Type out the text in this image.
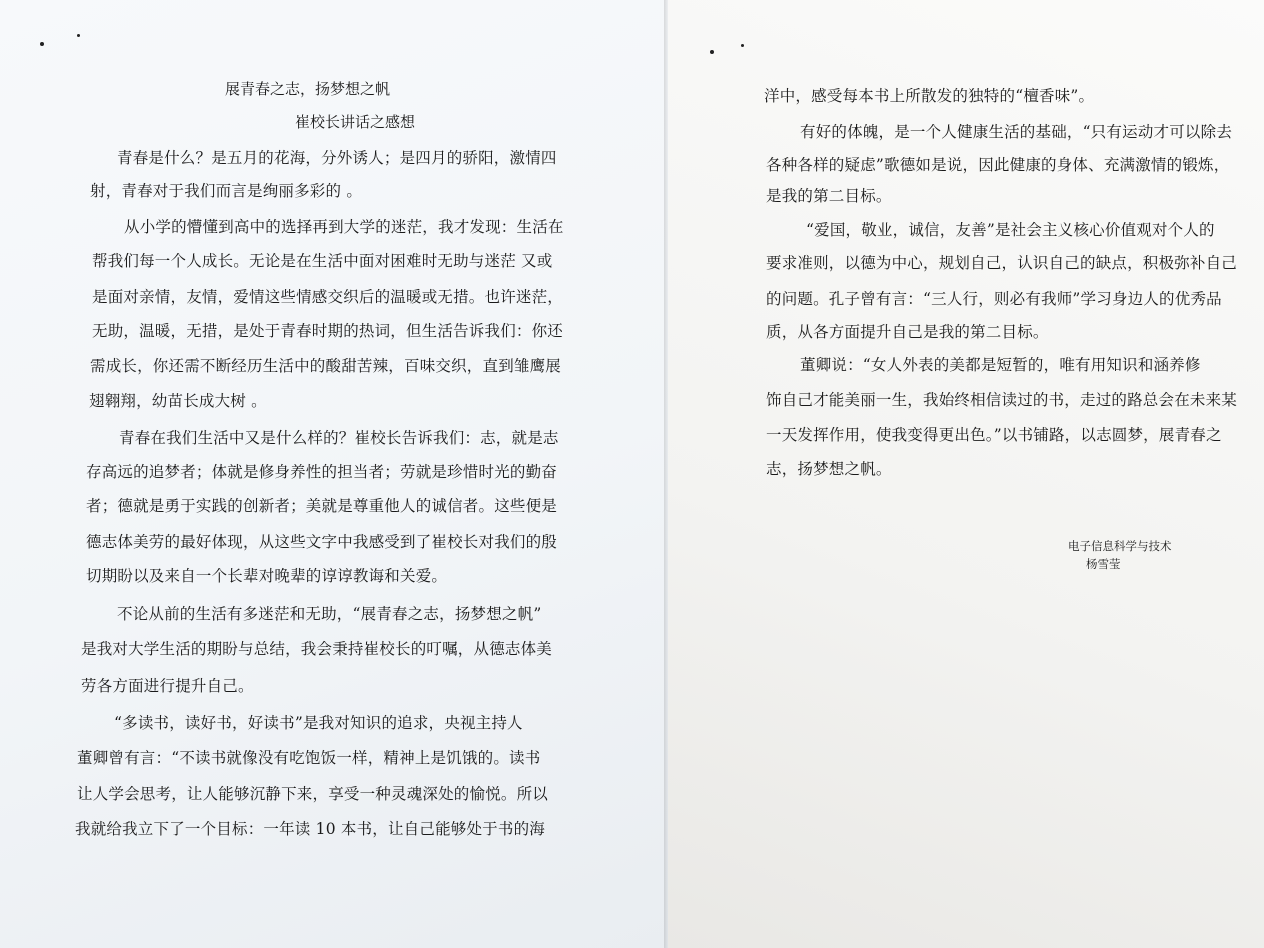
展青春之志，扬梦想之帆
崔校长讲话之感想
青春是什么？是五月的花海，分外诱人；是四月的骄阳，激情四
射，青春对于我们而言是绚丽多彩的 。
从小学的懵懂到高中的选择再到大学的迷茫，我才发现：生活在
帮我们每一个人成长。无论是在生活中面对困难时无助与迷茫 又或
是面对亲情，友情，爱情这些情感交织后的温暖或无措。也许迷茫，
无助，温暖，无措，是处于青春时期的热词，但生活告诉我们：你还
需成长，你还需不断经历生活中的酸甜苦辣，百味交织，直到雏鹰展
翅翱翔，幼苗长成大树 。
青春在我们生活中又是什么样的？崔校长告诉我们：志，就是志
存高远的追梦者；体就是修身养性的担当者；劳就是珍惜时光的勤奋
者；德就是勇于实践的创新者；美就是尊重他人的诚信者。这些便是
德志体美劳的最好体现，从这些文字中我感受到了崔校长对我们的殷
切期盼以及来自一个长辈对晚辈的谆谆教诲和关爱。
不论从前的生活有多迷茫和无助，“展青春之志，扬梦想之帆”
是我对大学生活的期盼与总结，我会秉持崔校长的叮嘱，从德志体美
劳各方面进行提升自己。
“多读书，读好书，好读书”是我对知识的追求，央视主持人
董卿曾有言：“不读书就像没有吃饱饭一样，精神上是饥饿的。读书
让人学会思考，让人能够沉静下来，享受一种灵魂深处的愉悦。所以
我就给我立下了一个目标：一年读 10 本书，让自己能够处于书的海
洋中，感受每本书上所散发的独特的“檀香味”。
有好的体魄，是一个人健康生活的基础，“只有运动才可以除去
各种各样的疑虑”歌德如是说，因此健康的身体、充满激情的锻炼，
是我的第二目标。
“爱国，敬业，诚信，友善”是社会主义核心价值观对个人的
要求准则，以德为中心，规划自己，认识自己的缺点，积极弥补自己
的问题。孔子曾有言：“三人行，则必有我师”学习身边人的优秀品
质，从各方面提升自己是我的第二目标。
董卿说：“女人外表的美都是短暂的，唯有用知识和涵养修
饰自己才能美丽一生，我始终相信读过的书，走过的路总会在未来某
一天发挥作用，使我变得更出色。”以书铺路，以志圆梦，展青春之
志，扬梦想之帆。
电子信息科学与技术
杨雪莹
